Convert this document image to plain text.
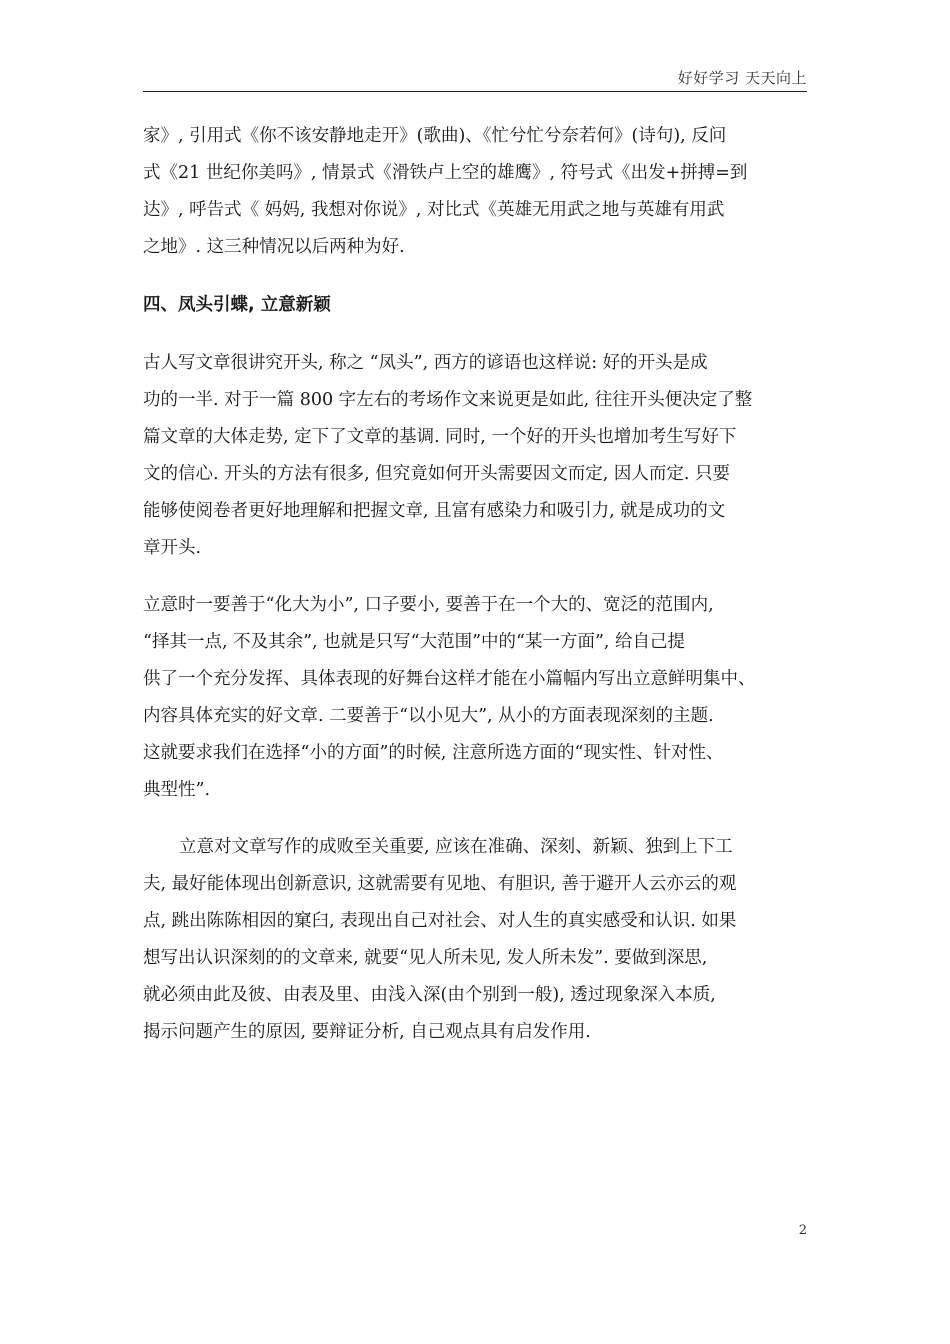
好好学习 天天向上
家》, 引用式《你不该安静地走开》(歌曲)、《忙兮忙兮奈若何》(诗句), 反问
式《21 世纪你美吗》, 情景式《滑铁卢上空的雄鹰》, 符号式《出发+拼搏=到
达》, 呼告式《 妈妈, 我想对你说》, 对比式《英雄无用武之地与英雄有用武
之地》. 这三种情况以后两种为好.
四、凤头引蝶, 立意新颖
古人写文章很讲究开头, 称之 “凤头”, 西方的谚语也这样说: 好的开头是成
功的一半. 对于一篇 800 字左右的考场作文来说更是如此, 往往开头便决定了整
篇文章的大体走势, 定下了文章的基调. 同时, 一个好的开头也增加考生写好下
文的信心. 开头的方法有很多, 但究竟如何开头需要因文而定, 因人而定. 只要
能够使阅卷者更好地理解和把握文章, 且富有感染力和吸引力, 就是成功的文
章开头.
立意时一要善于“化大为小”, 口子要小, 要善于在一个大的、宽泛的范围内,
“择其一点, 不及其余”, 也就是只写“大范围”中的“某一方面”, 给自己提
供了一个充分发挥、具体表现的好舞台这样才能在小篇幅内写出立意鲜明集中、
内容具体充实的好文章. 二要善于“以小见大”, 从小的方面表现深刻的主题.
这就要求我们在选择“小的方面”的时候, 注意所选方面的“现实性、针对性、
典型性”.
立意对文章写作的成败至关重要, 应该在准确、深刻、新颖、独到上下工
夫, 最好能体现出创新意识, 这就需要有见地、有胆识, 善于避开人云亦云的观
点, 跳出陈陈相因的窠臼, 表现出自己对社会、对人生的真实感受和认识. 如果
想写出认识深刻的的文章来, 就要“见人所未见, 发人所未发”. 要做到深思,
就必须由此及彼、由表及里、由浅入深(由个别到一般), 透过现象深入本质,
揭示问题产生的原因, 要辩证分析, 自己观点具有启发作用.
2
